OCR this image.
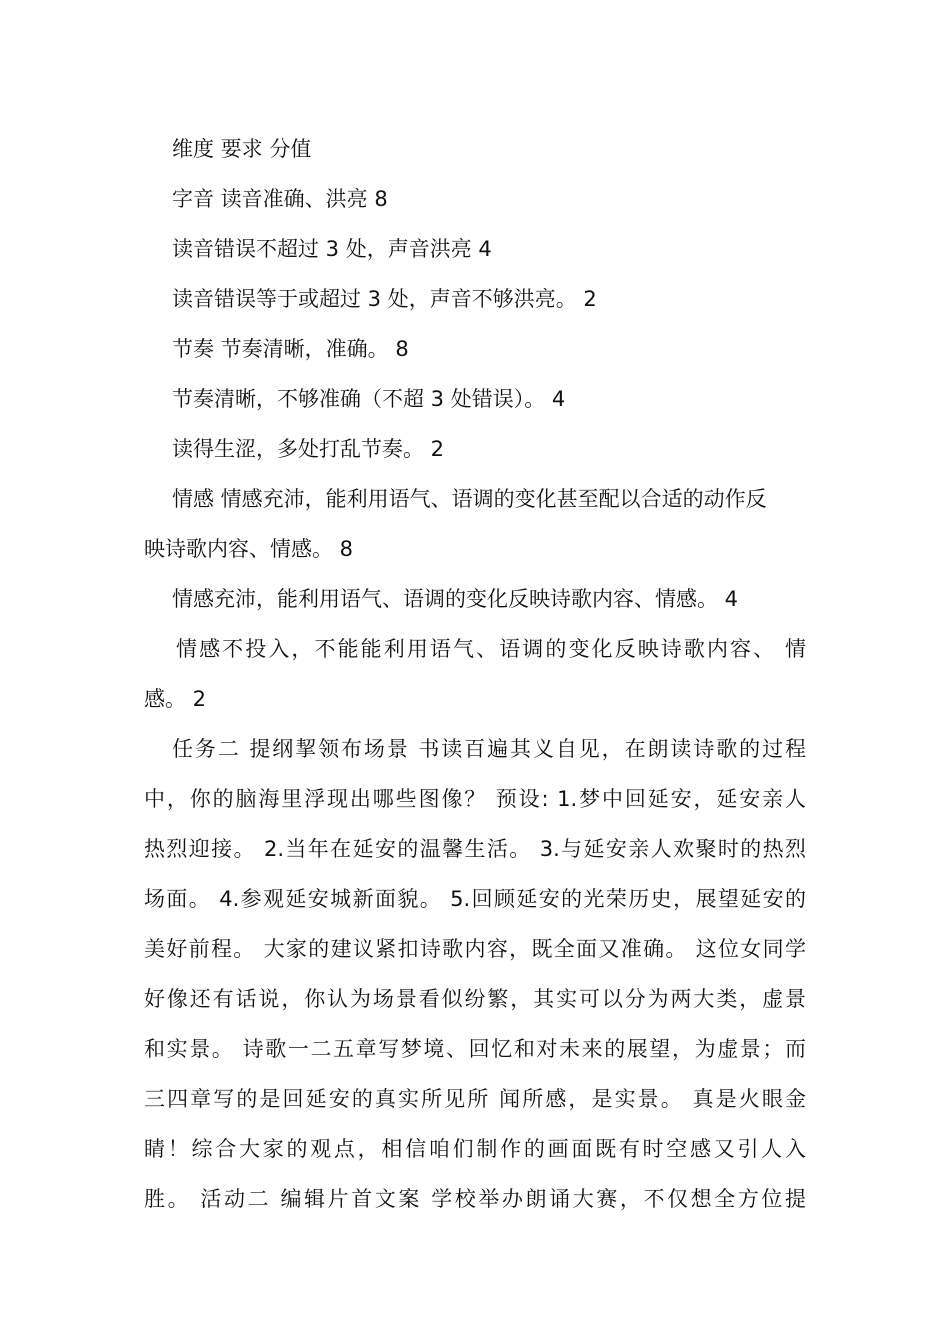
维度 要求 分值
字音 读音准确、洪亮 8
读音错误不超过 3 处，声音洪亮 4
读音错误等于或超过 3 处，声音不够洪亮。 2
节奏 节奏清晰，准确。 8
节奏清晰，不够准确（不超 3 处错误）。 4
读得生涩，多处打乱节奏。 2
情感 情感充沛，能利用语气、语调的变化甚至配以合适的动作反
映诗歌内容、情感。 8
情感充沛，能利用语气、语调的变化反映诗歌内容、情感。 4
情感不投入，不能能利用语气、语调的变化反映诗歌内容、 情
感。 2
任务二 提纲挈领布场景 书读百遍其义自见，在朗读诗歌的过程
中，你的脑海里浮现出哪些图像？ 预设: 1.梦中回延安，延安亲人
热烈迎接。 2.当年在延安的温馨生活。 3.与延安亲人欢聚时的热烈
场面。 4.参观延安城新面貌。 5.回顾延安的光荣历史，展望延安的
美好前程。 大家的建议紧扣诗歌内容，既全面又准确。 这位女同学
好像还有话说，你认为场景看似纷繁，其实可以分为两大类，虚景
和实景。 诗歌一二五章写梦境、回忆和对未来的展望，为虚景；而
三四章写的是回延安的真实所见所 闻所感，是实景。 真是火眼金
睛！综合大家的观点，相信咱们制作的画面既有时空感又引人入
胜。 活动二 编辑片首文案 学校举办朗诵大赛，不仅想全方位提
